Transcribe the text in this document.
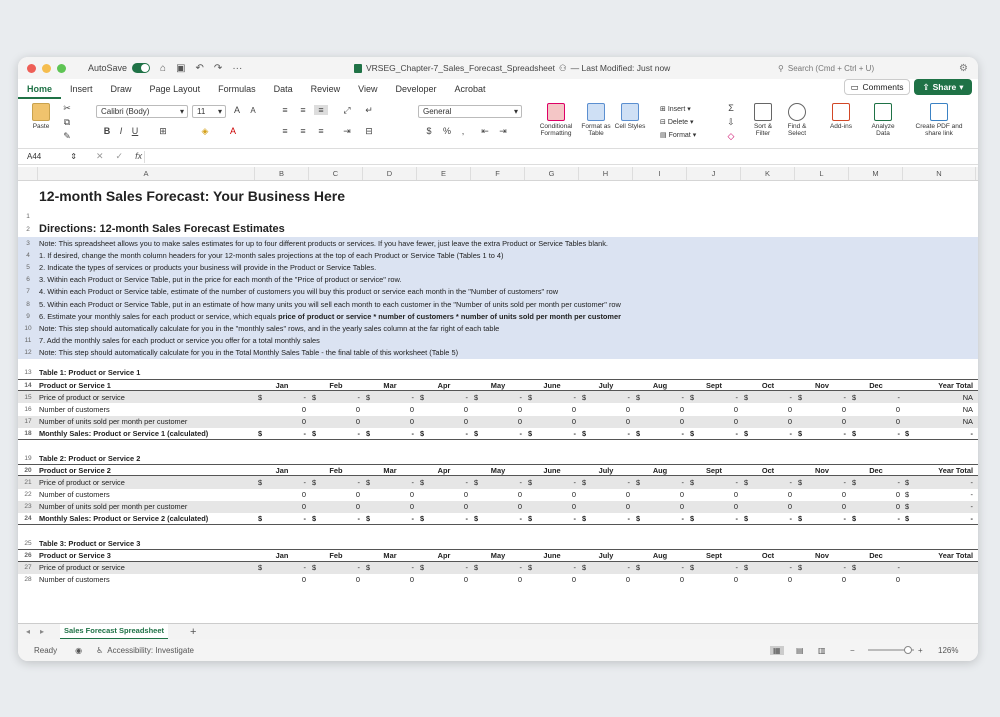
AutoSave	⌂ ▣ ↶ ↷ ···	VRSEG_Chapter-7_Sales_Forecast_Spreadsheet ⚇ — Last Modified: Just now	⚲ Search (Cmd + Ctrl + U)	⚙
Home	Insert	Draw	Page Layout	Formulas	Data	Review	View	Developer	Acrobat	▭ Comments ⇪ Share ▾
Paste
✂
⧉
✎
Calibri (Body)	▾ 11 ▾	A	A
B	I	U	⊞	◈	A
≡	≡	≡
≡	≡	≡
⤢	↵
⇥	⊟
General	▾
$	%	,	⇤	⇥	Conditional Formatting
Format as Table
Cell Styles
⊞ Insert ▾
⊟ Delete ▾
▤ Format ▾
Σ
⇩
◇
Sort & Filter
Find & Select
Add-ins	Analyze Data
Create PDF and share link
A44	⇕ ✕ ✓ fx
A	B	C	D	E	F	G	H	I	J	K	L	M	N
12-month Sales Forecast: Your Business Here
1
2 Directions: 12-month Sales Forecast Estimates
3	Note: This spreadsheet allows you to make sales estimates for up to four different products or services. If you have fewer, just leave the extra Product or Service Tables blank.
4	1. If desired, change the month column headers for your 12-month sales projections at the top of each Product or Service Table (Tables 1 to 4)
5	2. Indicate the types of services or products your business will provide in the Product or Service Tables.
6	3. Within each Product or Service Table, put in the price for each month of the "Price of product or service" row.
7	4. Within each Product or Service table, estimate of the number of customers you will buy this product or service each month in the "Number of customers" row
8	5. Within each Product or Service Table, put in an estimate of how many units you will sell each month to each customer in the "Number of units sold per month per customer" row
9	6. Estimate your monthly sales for each product or service, which equals price of product or service * number of customers * number of units sold per month per customer
10 Note: This step should automatically calculate for you in the "monthly sales" rows, and in the yearly sales column at the far right of each table
11	7. Add the monthly sales for each product or service you offer for a total monthly sales
12 Note: This step should automatically calculate for you in the Total Monthly Sales Table - the final table of this worksheet (Table 5)
13 Table 1: Product or Service 1
14 Product or Service 1	Jan	Feb	Mar	Apr	May	June	July	Aug	Sept	Oct	Nov	Dec	Year Total
15 Price of product or service	$	- $	- $	- $	- $	- $	- $	- $	- $	- $	- $	- $	-	NA
16 Number of customers	0	0	0	0	0	0	0	0	0	0	0	0	NA
17 Number of units sold per month per customer	0	0	0	0	0	0	0	0	0	0	0	0	NA
18 Monthly Sales: Product or Service 1 (calculated)	$	- $	- $	- $	- $	- $	- $	- $	- $	- $	- $	- $	- $	-
19 Table 2: Product or Service 2
20 Product or Service 2	Jan	Feb	Mar	Apr	May	June	July	Aug	Sept	Oct	Nov	Dec	Year Total
21 Price of product or service	$	- $	- $	- $	- $	- $	- $	- $	- $	- $	- $	- $	- $	-
22 Number of customers	0	0	0	0	0	0	0	0	0	0	0	0 $	-
23 Number of units sold per month per customer	0	0	0	0	0	0	0	0	0	0	0	0 $	-
24 Monthly Sales: Product or Service 2 (calculated)	$	- $	- $	- $	- $	- $	- $	- $	- $	- $	- $	- $	- $	-
25 Table 3: Product or Service 3
26 Product or Service 3	Jan	Feb	Mar	Apr	May	June	July	Aug	Sept	Oct	Nov	Dec	Year Total
27 Price of product or service	$	- $	- $	- $	- $	- $	- $	- $	- $	- $	- $	- $	-
28 Number of customers	0	0	0	0	0	0	0	0	0	0	0	0
◂ ▸	Sales Forecast Spreadsheet	+
Ready ◉ ♿ Accessibility: Investigate	▦	▤ ▥	−	+ 126%
